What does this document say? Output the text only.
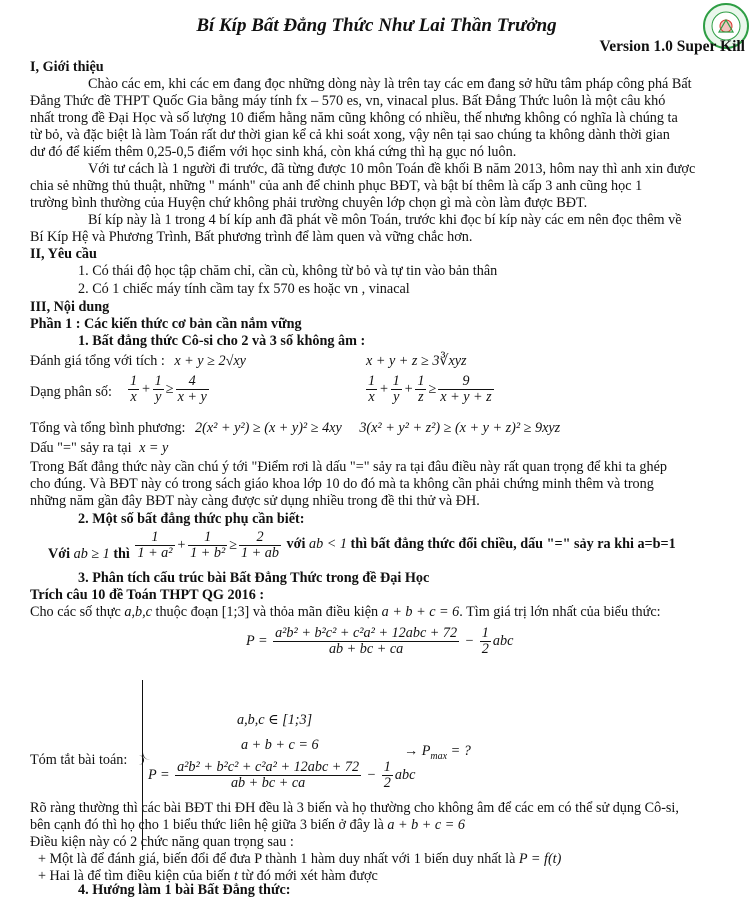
Bí Kíp Bất Đẳng Thức Như Lai Thần Trưởng
Version 1.0 Super Kill
I, Giới thiệu
Chào các em, khi các em đang đọc những dòng này là trên tay các em đang sở hữu tâm pháp công phá Bất
Đẳng Thức đề THPT Quốc Gia bằng máy tính fx – 570 es, vn, vinacal plus. Bất Đẳng Thức luôn là một câu khó
nhất trong đề Đại Học và số lượng 10 điểm hằng năm cũng không có nhiều, thế nhưng không có nghĩa là chúng ta
từ bỏ, và đặc biệt là làm Toán rất dư thời gian kể cả khi soát xong, vậy nên tại sao chúng ta không dành thời gian
dư đó để kiếm thêm 0,25-0,5 điểm với học sinh khá, còn khá cứng thì hạ gục nó luôn.
Với tư cách là 1 người đi trước, đã từng được 10 môn Toán đề khối B năm 2013, hôm nay thì anh xin được
chia sẻ những thủ thuật, những " mánh" của anh để chinh phục BĐT, và bật bí thêm là cấp 3 anh cũng học 1
trường bình thường của Huyện chứ không phải trường chuyên lớp chọn gì mà còn làm được BĐT.
Bí kíp này là 1 trong 4 bí kíp anh đã phát về môn Toán, trước khi đọc bí kíp này các em nên đọc thêm về
Bí Kíp Hệ và Phương Trình, Bất phương trình để làm quen và vững chắc hơn.
II, Yêu cầu
1. Có thái độ học tập chăm chỉ, cần cù, không từ bỏ và tự tin vào bản thân
2. Có 1 chiếc máy tính cầm tay fx 570 es hoặc vn , vinacal
III, Nội dung
Phần 1 : Các kiến thức cơ bản cần nắm vững
1. Bất đẳng thức Cô-si cho 2 và 3 số không âm :
Đánh giá tổng với tích : x + y ≥ 2√xy	x + y + z ≥ 3∛xyz
Dạng phân số: $\frac{1}{x} + \frac{1}{y} \ge \frac{4}{x + y}$	$\frac{1}{x} + \frac{1}{y} + \frac{1}{z} \ge \frac{9}{x + y + z}$
Tổng và tổng bình phương: 2(x² + y²) ≥ (x + y)² ≥ 4xy 3(x² + y² + z²) ≥ (x + y + z)² ≥ 9xyz
Dấu "=" sảy ra tại x = y
Trong Bất đẳng thức này cần chú ý tới "Điểm rơi là dấu "=" sảy ra tại đâu điều này rất quan trọng để khi ta ghép
cho đúng. Và BĐT này có trong sách giáo khoa lớp 10 do đó mà ta không cần phải chứng minh thêm và trong
những năm gần đây BĐT này càng được sử dụng nhiều trong đề thi thử và ĐH.
2. Một số bất đẳng thức phụ cần biết:
Với ab ≥ 1 thì $\frac{1}{\text{1 + a²}} + \frac{1}{\text{1 + b²}} \ge \frac{2}{1 + ab}$ với ab < 1 thì bất đẳng thức đổi chiều, dấu "=" sảy ra khi a=b=1
3. Phân tích cấu trúc bài Bất Đẳng Thức trong đề Đại Học
Trích câu 10 đề Toán THPT QG 2016 :
Cho các số thực a,b,c thuộc đoạn [1;3] và thỏa mãn điều kiện a + b + c = 6. Tìm giá trị lớn nhất của biểu thức:
$P = \frac{\text{a²b² + b²c² + c²a² + 12abc + 72}}{ab + bc + ca} - \frac{1}{2}$ abc
Tóm tắt bài toán:
a,b,c ∈ [1;3]
a + b + c = 6	→ $P_{max}$ = ?
$P = \frac{\text{a²b² + b²c² + c²a² + 12abc + 72}}{ab + bc + ca} - \frac{1}{2}$ abc
Rõ ràng thường thì các bài BĐT thi ĐH đều là 3 biến và họ thường cho không âm để các em có thể sử dụng Cô-si,
bên cạnh đó thì họ cho 1 biểu thức liên hệ giữa 3 biến ở đây là a + b + c = 6
Điều kiện này có 2 chức năng quan trọng sau :
+ Một là để đánh giá, biến đổi để đưa P thành 1 hàm duy nhất với 1 biến duy nhất là P = f(t)
+ Hai là để tìm điều kiện của biến t từ đó mới xét hàm được
4. Hướng làm 1 bài Bất Đẳng thức:
